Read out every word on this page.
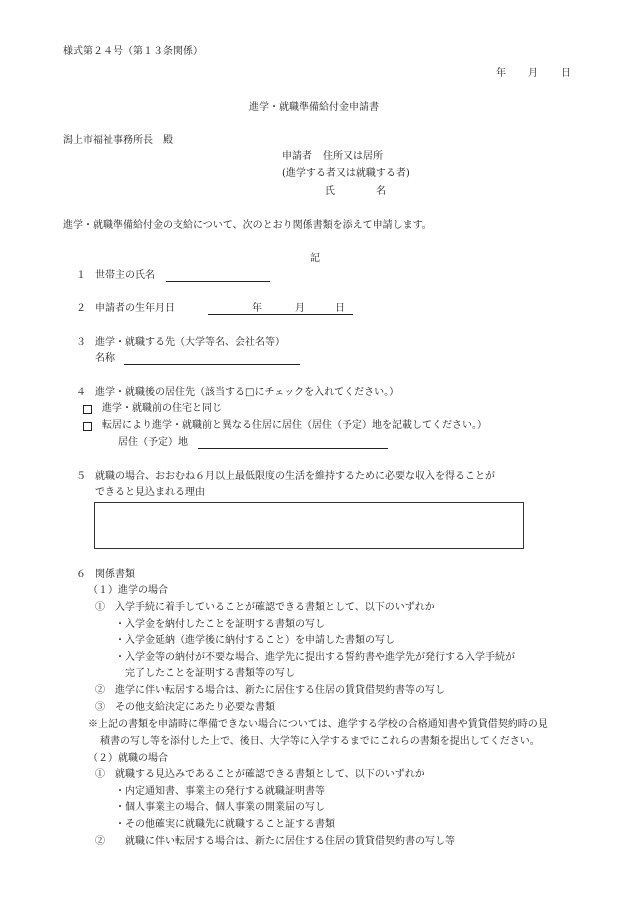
様式第２４号（第１３条関係）
年 月 日
進学・就職準備給付金申請書
潟上市福祉事務所長　殿
申請者 住所又は居所
(進学する者又は就職する者)
氏	名
進学・就職準備給付金の支給について、次のとおり関係書類を添えて申請します。
記
１ 世帯主の氏名
２ 申請者の生年月日	年	月	日
３ 進学・就職する先（大学等名、会社名等）
名称
４ 進学・就職後の居住先（該当する□にチェックを入れてください。）
進学・就職前の住宅と同じ
転居により進学・就職前と異なる住居に居住（居住（予定）地を記載してください。）
居住（予定）地
５ 就職の場合、おおむね６月以上最低限度の生活を維持するために必要な収入を得ることが
できると見込まれる理由
６ 関係書類
（１）進学の場合
①　入学手続に着手していることが確認できる書類として、以下のいずれか
・入学金を納付したことを証明する書類の写し
・入学金延納（進学後に納付すること）を申請した書類の写し
・入学金等の納付が不要な場合、進学先に提出する誓約書や進学先が発行する入学手続が
完了したことを証明する書類等の写し
②　進学に伴い転居する場合は、新たに居住する住居の賃貸借契約書等の写し
③　その他支給決定にあたり必要な書類
※上記の書類を申請時に準備できない場合については、進学する学校の合格通知書や賃貸借契約時の見
積書の写し等を添付した上で、後日、大学等に入学するまでにこれらの書類を提出してください。
（２）就職の場合
①　就職する見込みであることが確認できる書類として、以下のいずれか
・内定通知書、事業主の発行する就職証明書等
・個人事業主の場合、個人事業の開業届の写し
・その他確実に就職先に就職すること証する書類
②　　就職に伴い転居する場合は、新たに居住する住居の賃貸借契約書の写し等
